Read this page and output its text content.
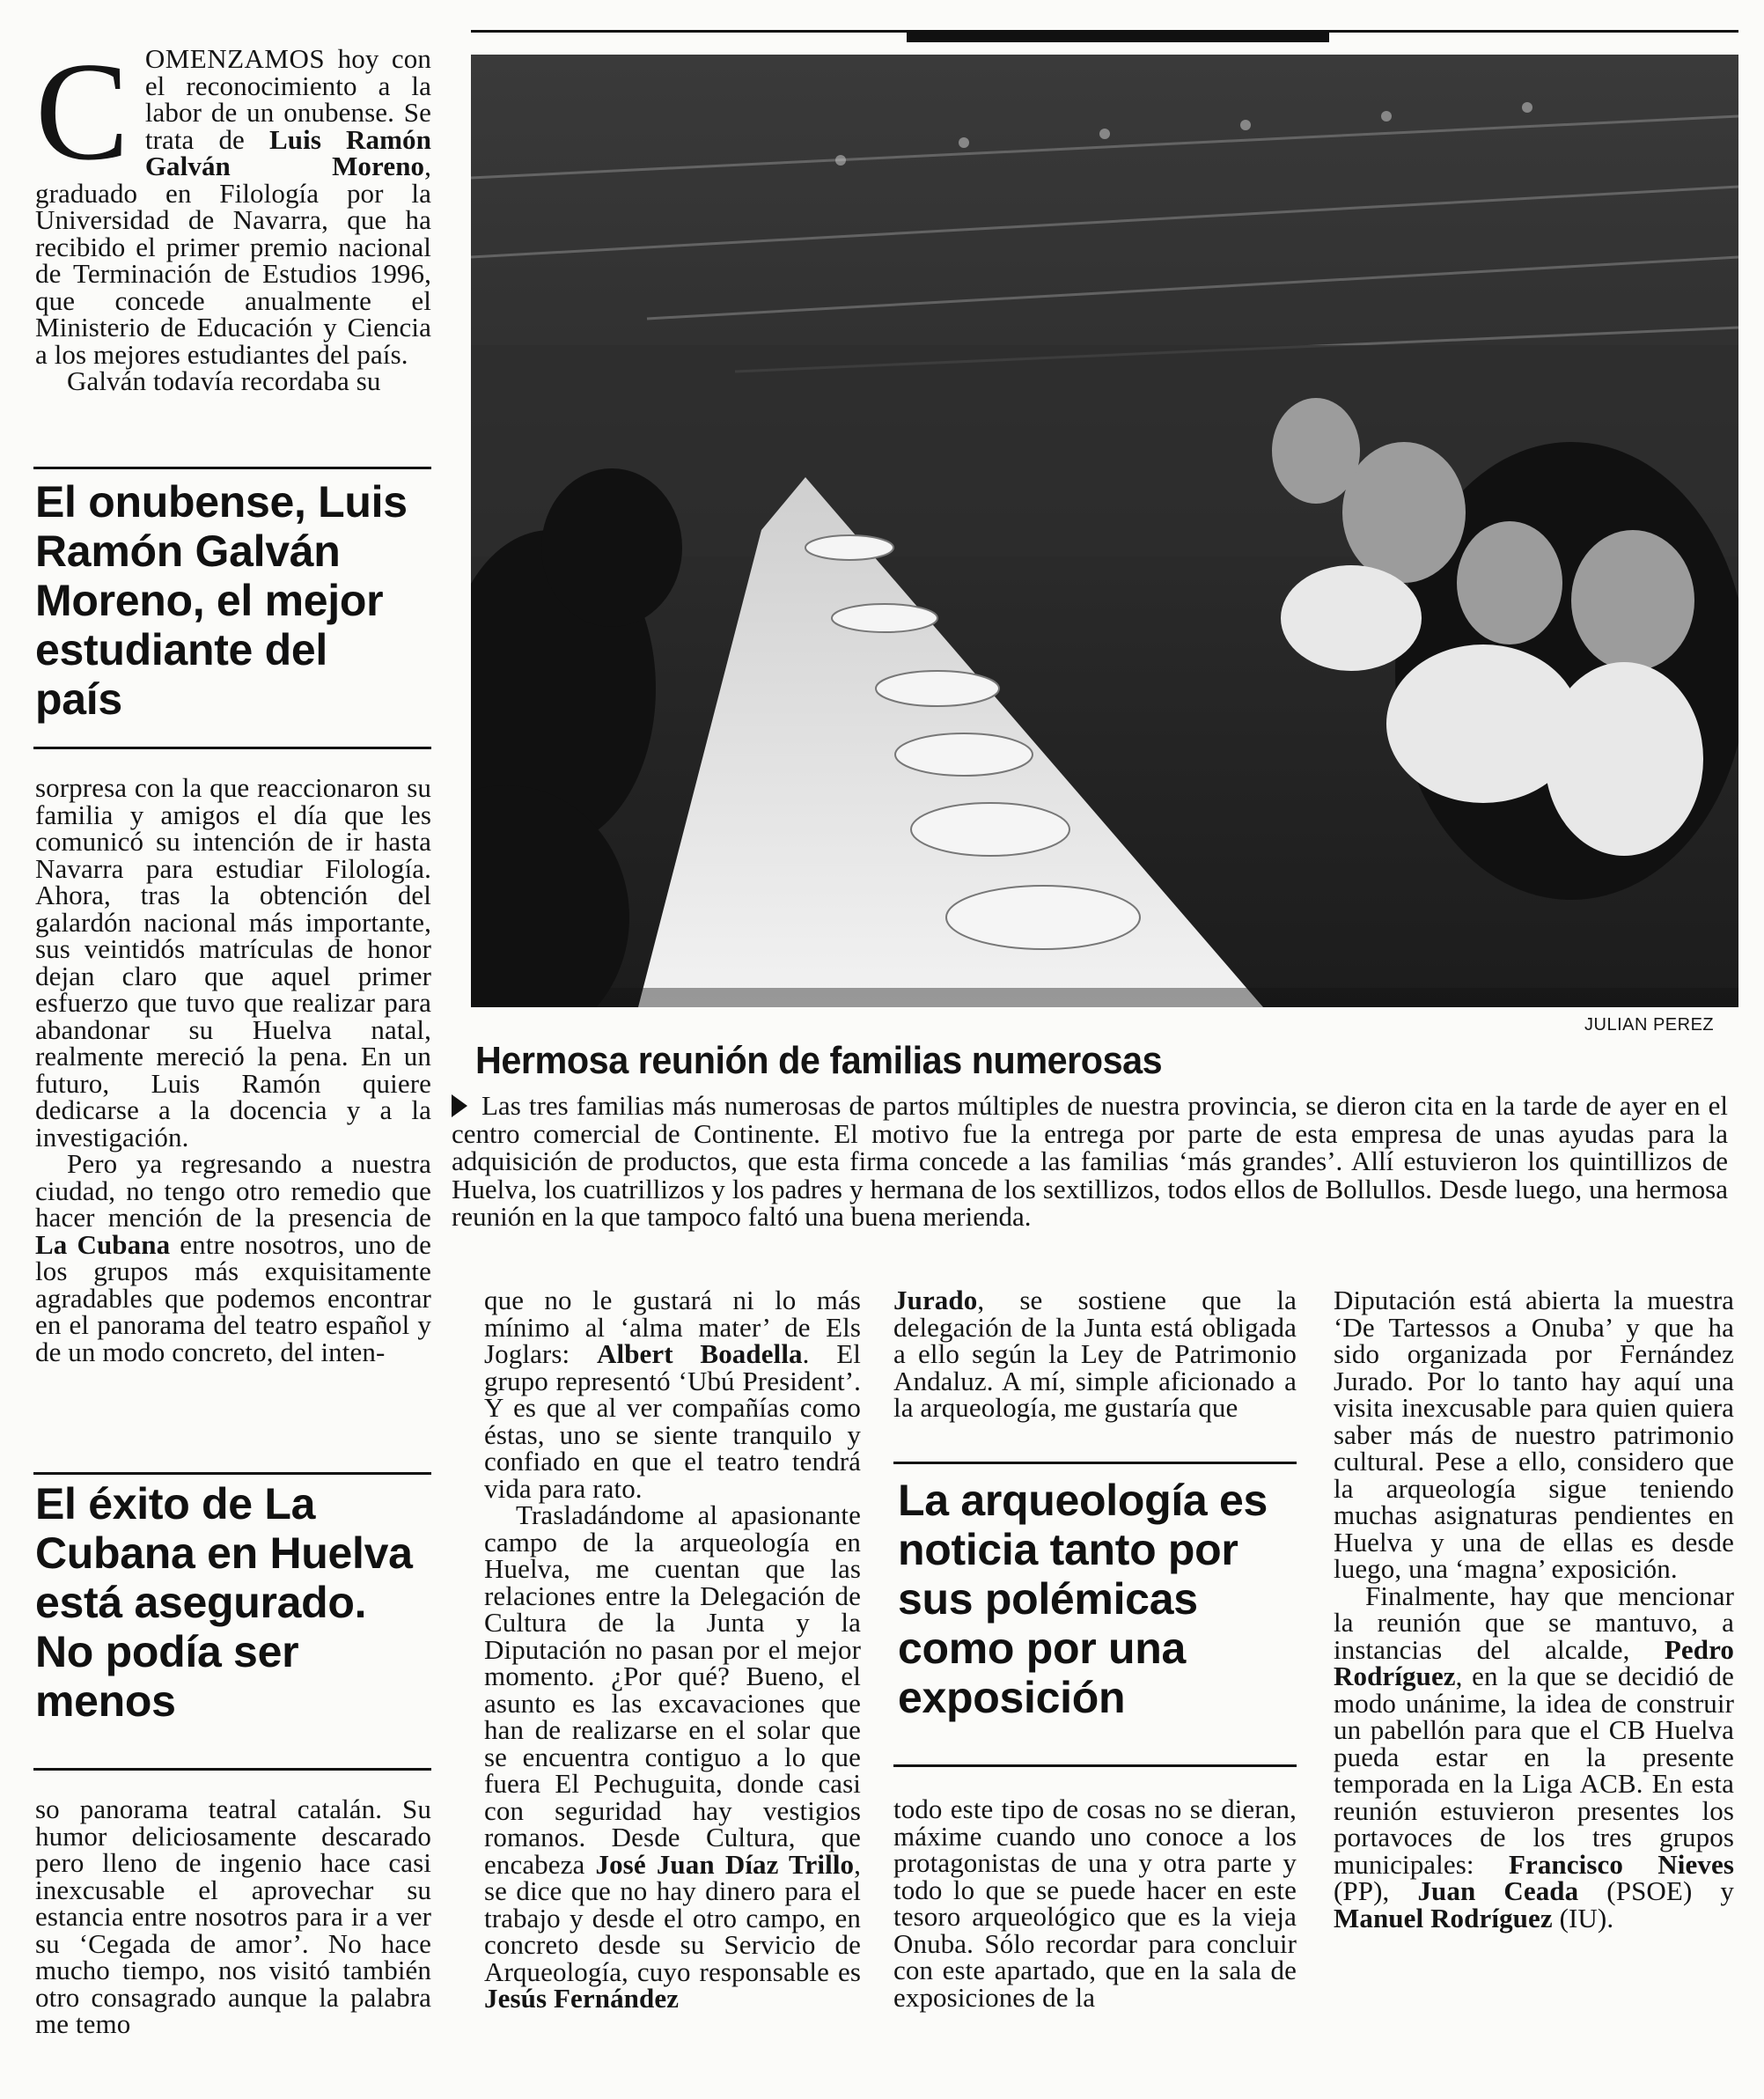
COMENZAMOS hoy con el reconocimiento a la labor de un onubense. Se trata de Luis Ramón Galván Moreno, graduado en Filología por la Universidad de Navarra, que ha recibido el primer premio nacional de Terminación de Estudios 1996, que concede anualmente el Ministerio de Educación y Ciencia a los mejores estudiantes del país.

Galván todavía recordaba su

El onubense, Luis Ramón Galván Moreno, el mejor estudiante del país

sorpresa con la que reaccionaron su familia y amigos el día que les comunicó su intención de ir hasta Navarra para estudiar Filología. Ahora, tras la obtención del galardón nacional más importante, sus veintidós matrículas de honor dejan claro que aquel primer esfuerzo que tuvo que realizar para abandonar su Huelva natal, realmente mereció la pena. En un futuro, Luis Ramón quiere dedicarse a la docencia y a la investigación.

Pero ya regresando a nuestra ciudad, no tengo otro remedio que hacer mención de la presencia de La Cubana entre nosotros, uno de los grupos más exquisitamente agradables que podemos encontrar en el panorama del teatro español y de un modo concreto, del inten-

El éxito de La Cubana en Huelva está asegurado. No podía ser menos

so panorama teatral catalán. Su humor deliciosamente descarado pero lleno de ingenio hace casi inexcusable el aprovechar su estancia entre nosotros para ir a ver su ‘Cegada de amor’. No hace mucho tiempo, nos visitó también otro consagrado aunque la palabra me temo

JULIAN PEREZ
Hermosa reunión de familias numerosas
Las tres familias más numerosas de partos múltiples de nuestra provincia, se dieron cita en la tarde de ayer en el centro comercial de Continente. El motivo fue la entrega por parte de esta empresa de unas ayudas para la adquisición de productos, que esta firma concede a las familias ‘más grandes’. Allí estuvieron los quintillizos de Huelva, los cuatrillizos y los padres y hermana de los sextillizos, todos ellos de Bollullos. Desde luego, una hermosa reunión en la que tampoco faltó una buena merienda.

que no le gustará ni lo más mínimo al ‘alma mater’ de Els Joglars: Albert Boadella. El grupo representó ‘Ubú President’. Y es que al ver compañías como éstas, uno se siente tranquilo y confiado en que el teatro tendrá vida para rato.

Trasladándome al apasionante campo de la arqueología en Huelva, me cuentan que las relaciones entre la Delegación de Cultura de la Junta y la Diputación no pasan por el mejor momento. ¿Por qué? Bueno, el asunto es las excavaciones que han de realizarse en el solar que se encuentra contiguo a lo que fuera El Pechuguita, donde casi con seguridad hay vestigios romanos. Desde Cultura, que encabeza José Juan Díaz Trillo, se dice que no hay dinero para el trabajo y desde el otro campo, en concreto desde su Servicio de Arqueología, cuyo responsable es Jesús Fernández

Jurado, se sostiene que la delegación de la Junta está obligada a ello según la Ley de Patrimonio Andaluz. A mí, simple aficionado a la arqueología, me gustaría que

La arqueología es noticia tanto por sus polémicas como por una exposición

todo este tipo de cosas no se dieran, máxime cuando uno conoce a los protagonistas de una y otra parte y todo lo que se puede hacer en este tesoro arqueológico que es la vieja Onuba. Sólo recordar para concluir con este apartado, que en la sala de exposiciones de la

Diputación está abierta la muestra ‘De Tartessos a Onuba’ y que ha sido organizada por Fernández Jurado. Por lo tanto hay aquí una visita inexcusable para quien quiera saber más de nuestro patrimonio cultural. Pese a ello, considero que la arqueología sigue teniendo muchas asignaturas pendientes en Huelva y una de ellas es desde luego, una ‘magna’ exposición.

Finalmente, hay que mencionar la reunión que se mantuvo, a instancias del alcalde, Pedro Rodríguez, en la que se decidió de modo unánime, la idea de construir un pabellón para que el CB Huelva pueda estar en la presente temporada en la Liga ACB. En esta reunión estuvieron presentes los portavoces de los tres grupos municipales: Francisco Nieves (PP), Juan Ceada (PSOE) y Manuel Rodríguez (IU).
